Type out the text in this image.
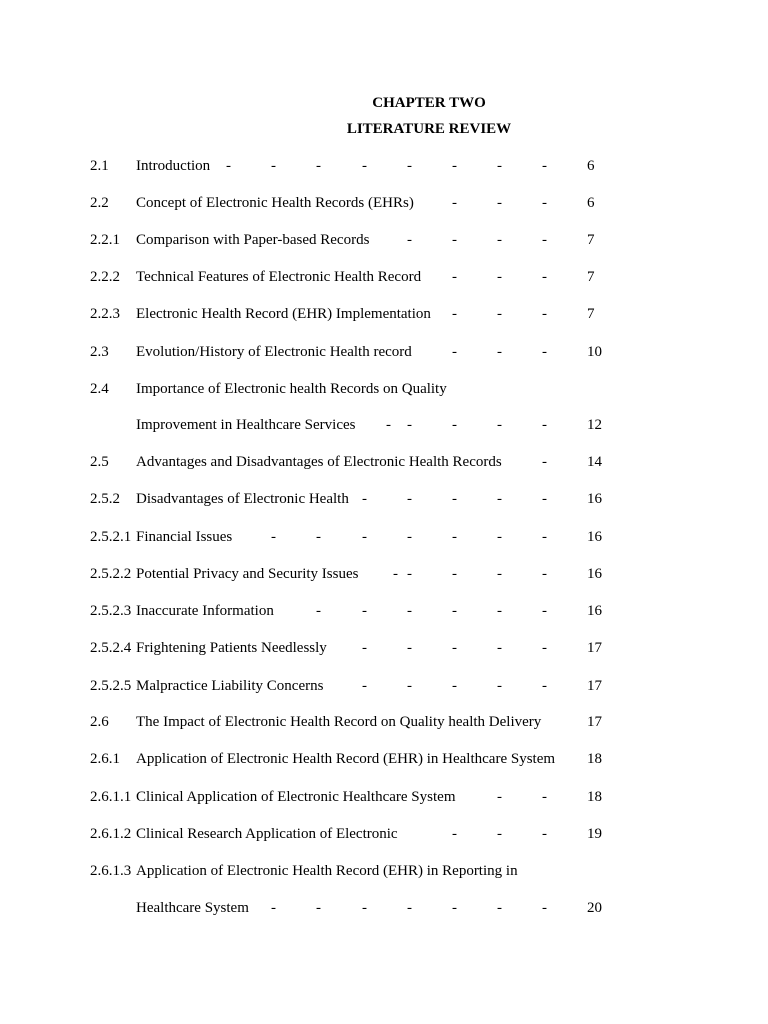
CHAPTER TWO
LITERATURE REVIEW
2.1 Introduction -	-	-	-	-	-	-	-	6
2.2 Concept of Electronic Health Records (EHRs)	-	-	-	6
2.2.1 Comparison with Paper-based Records	-	-	-	-	7
2.2.2 Technical Features of Electronic Health Record -	-	-	7
2.2.3 Electronic Health Record (EHR) Implementation -	-	-	7
2.3 Evolution/History of Electronic Health record	-	-	-	10
2.4 Importance of Electronic health Records on Quality
Improvement in Healthcare Services - -	-	-	-	12
2.5 Advantages and Disadvantages of Electronic Health Records	-	14
2.5.2 Disadvantages of Electronic Health -	-	-	-	-	16
2.5.2.1 Financial Issues	-	-	-	-	-	-	-	16
2.5.2.2 Potential Privacy and Security Issues - -	-	-	-	16
2.5.2.3 Inaccurate Information	-	-	-	-	-	-	16
2.5.2.4 Frightening Patients Needlessly -	-	-	-	-	17
2.5.2.5 Malpractice Liability Concerns	-	-	-	-	-	17
2.6 The Impact of Electronic Health Record on Quality health Delivery	17
2.6.1 Application of Electronic Health Record (EHR) in Healthcare System 18
2.6.1.1 Clinical Application of Electronic Healthcare System	-	-	18
2.6.1.2 Clinical Research Application of Electronic	-	-	-	19
2.6.1.3 Application of Electronic Health Record (EHR) in Reporting in
Healthcare System -	-	-	-	-	-	-	20
